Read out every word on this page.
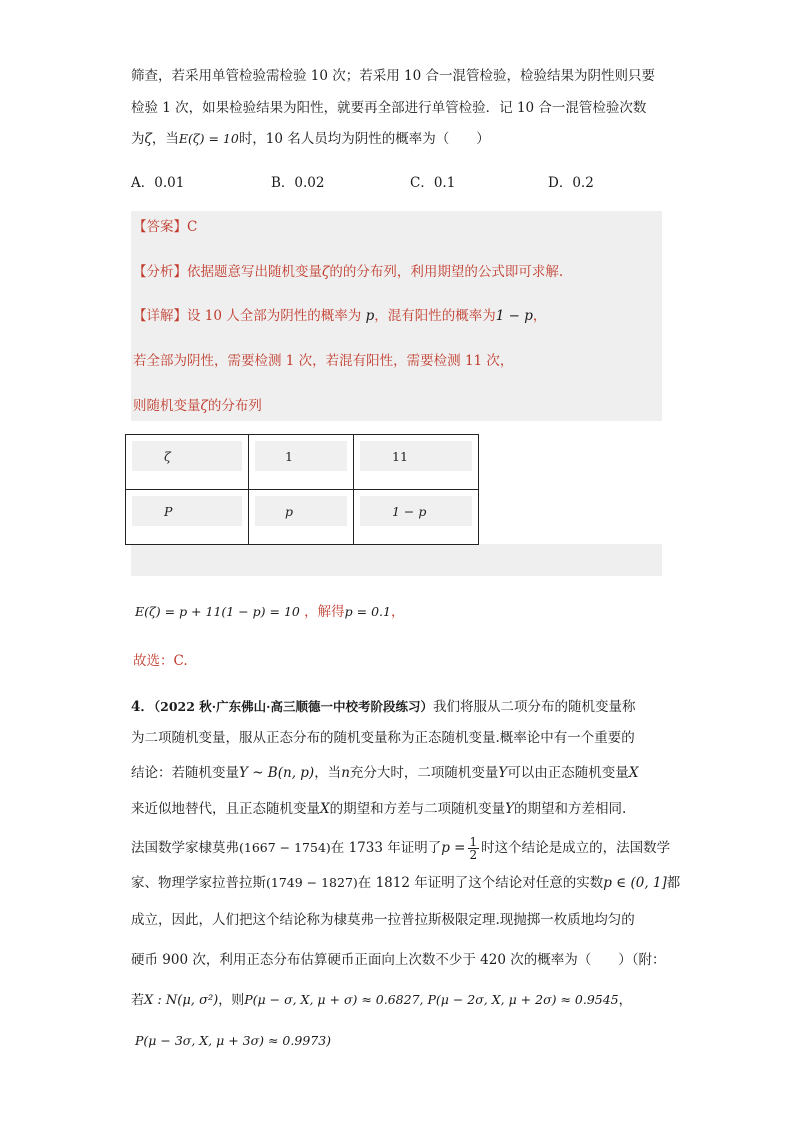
筛查，若采用单管检验需检验 10 次；若采用 10 合一混管检验，检验结果为阴性则只要
检验 1 次，如果检验结果为阳性，就要再全部进行单管检验．记 10 合一混管检验次数
为ζ，当E(ζ) = 10时，10 名人员均为阴性的概率为（　　）
A．0.01	B．0.02	C．0.1	D．0.2
【答案】C
【分析】依据题意写出随机变量ζ的的分布列，利用期望的公式即可求解.
【详解】设 10 人全部为阴性的概率为 p，混有阳性的概率为1 − p，
若全部为阴性，需要检测 1 次，若混有阳性，需要检测 11 次，
则随机变量ζ的分布列
ζ	1	11

P	p	1 − p
E(ζ) = p + 11(1 − p) = 10 ，解得p = 0.1，
故选：C.
4．（2022 秋·广东佛山·高三顺德一中校考阶段练习）我们将服从二项分布的随机变量称
为二项随机变量，服从正态分布的随机变量称为正态随机变量.概率论中有一个重要的
结论：若随机变量Y ~ B(n, p)，当n充分大时，二项随机变量Y可以由正态随机变量X
来近似地替代，且正态随机变量X的期望和方差与二项随机变量Y的期望和方差相同.
法国数学家棣莫弗(1667 − 1754)在 1733 年证明了$p = \frac{1}{2}$ 时这个结论是成立的，法国数学
家、物理学家拉普拉斯(1749 − 1827)在 1812 年证明了这个结论对任意的实数p ∈ (0, 1]都
成立，因此，人们把这个结论称为棣莫弗一拉普拉斯极限定理.现抛掷一枚质地均匀的
硬币 900 次，利用正态分布估算硬币正面向上次数不少于 420 次的概率为（　　）（附：
若X : N(μ, σ²)，则P(μ − σ, X, μ + σ) ≈ 0.6827, P(μ − 2σ, X, μ + 2σ) ≈ 0.9545，
P(μ − 3σ, X, μ + 3σ) ≈ 0.9973)
